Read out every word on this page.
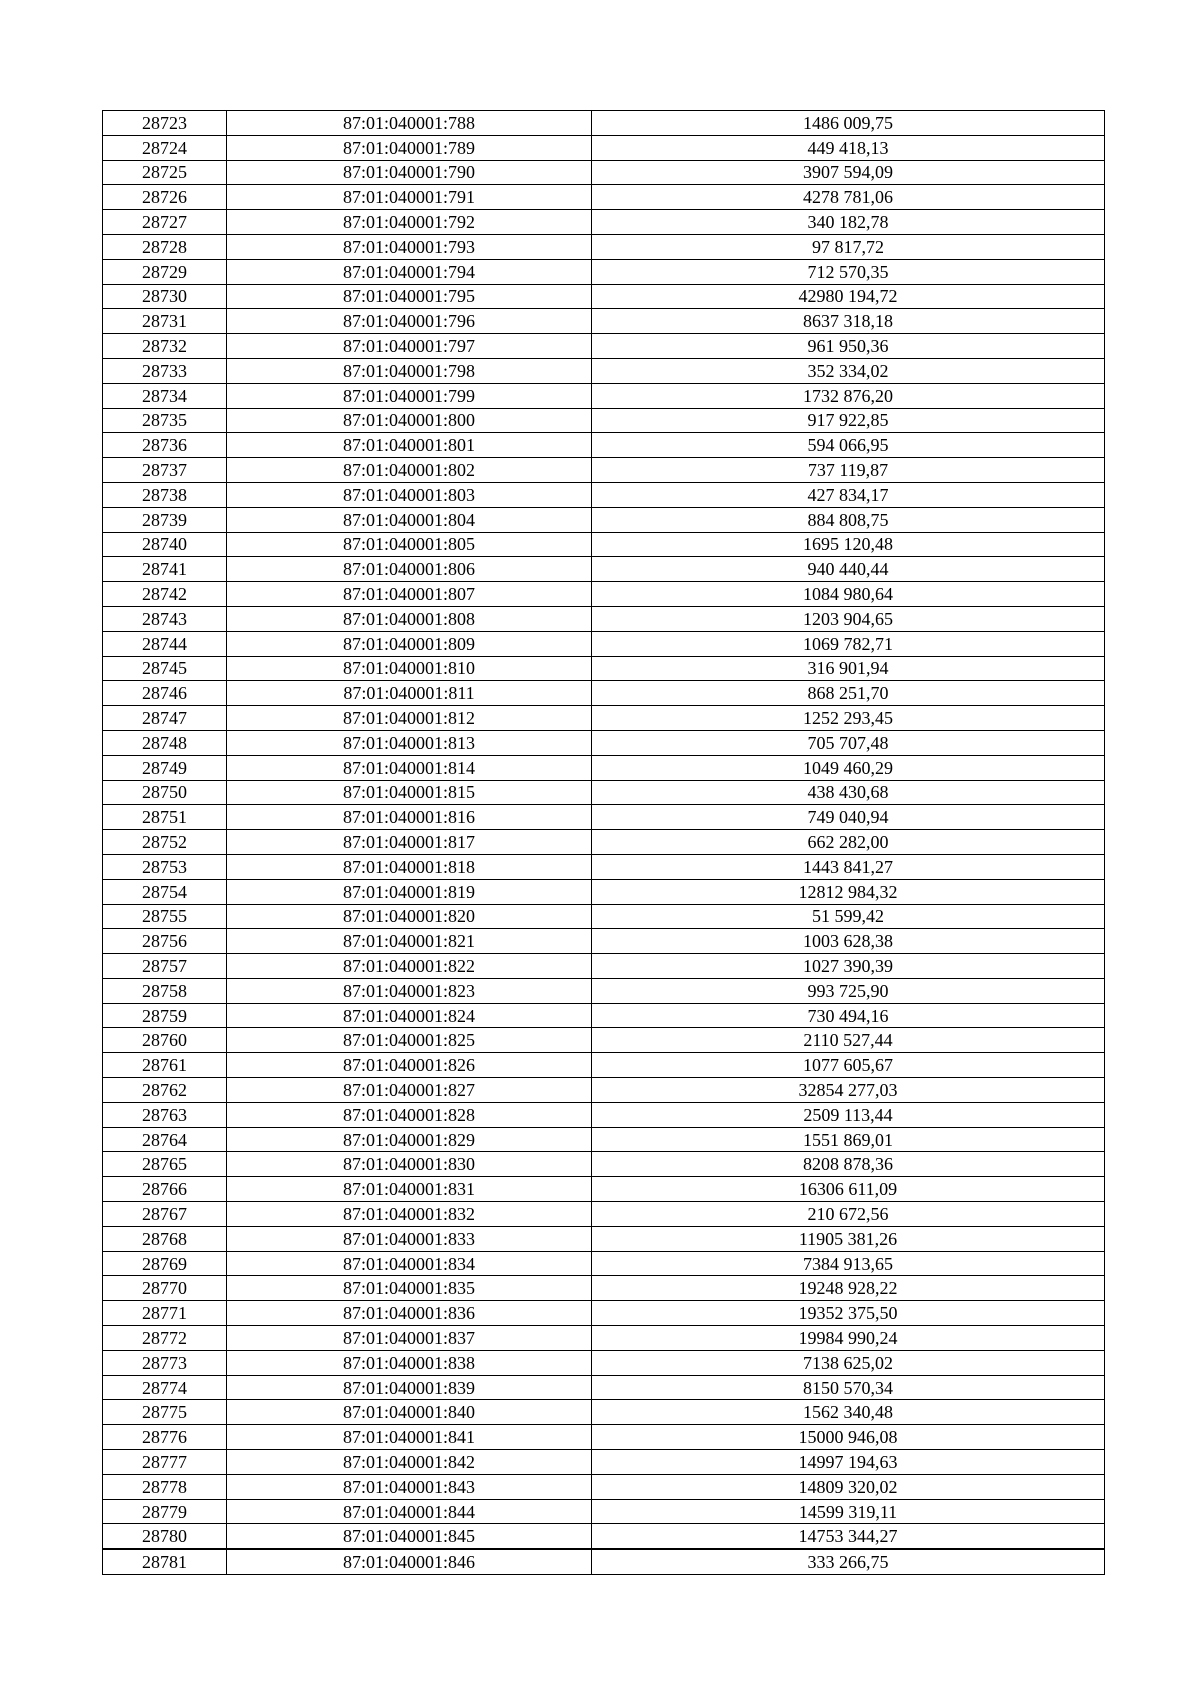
28723	87:01:040001:788	1486 009,75
28724	87:01:040001:789	449 418,13
28725	87:01:040001:790	3907 594,09
28726	87:01:040001:791	4278 781,06
28727	87:01:040001:792	340 182,78
28728	87:01:040001:793	97 817,72
28729	87:01:040001:794	712 570,35
28730	87:01:040001:795	42980 194,72
28731	87:01:040001:796	8637 318,18
28732	87:01:040001:797	961 950,36
28733	87:01:040001:798	352 334,02
28734	87:01:040001:799	1732 876,20
28735	87:01:040001:800	917 922,85
28736	87:01:040001:801	594 066,95
28737	87:01:040001:802	737 119,87
28738	87:01:040001:803	427 834,17
28739	87:01:040001:804	884 808,75
28740	87:01:040001:805	1695 120,48
28741	87:01:040001:806	940 440,44
28742	87:01:040001:807	1084 980,64
28743	87:01:040001:808	1203 904,65
28744	87:01:040001:809	1069 782,71
28745	87:01:040001:810	316 901,94
28746	87:01:040001:811	868 251,70
28747	87:01:040001:812	1252 293,45
28748	87:01:040001:813	705 707,48
28749	87:01:040001:814	1049 460,29
28750	87:01:040001:815	438 430,68
28751	87:01:040001:816	749 040,94
28752	87:01:040001:817	662 282,00
28753	87:01:040001:818	1443 841,27
28754	87:01:040001:819	12812 984,32
28755	87:01:040001:820	51 599,42
28756	87:01:040001:821	1003 628,38
28757	87:01:040001:822	1027 390,39
28758	87:01:040001:823	993 725,90
28759	87:01:040001:824	730 494,16
28760	87:01:040001:825	2110 527,44
28761	87:01:040001:826	1077 605,67
28762	87:01:040001:827	32854 277,03
28763	87:01:040001:828	2509 113,44
28764	87:01:040001:829	1551 869,01
28765	87:01:040001:830	8208 878,36
28766	87:01:040001:831	16306 611,09
28767	87:01:040001:832	210 672,56
28768	87:01:040001:833	11905 381,26
28769	87:01:040001:834	7384 913,65
28770	87:01:040001:835	19248 928,22
28771	87:01:040001:836	19352 375,50
28772	87:01:040001:837	19984 990,24
28773	87:01:040001:838	7138 625,02
28774	87:01:040001:839	8150 570,34
28775	87:01:040001:840	1562 340,48
28776	87:01:040001:841	15000 946,08
28777	87:01:040001:842	14997 194,63
28778	87:01:040001:843	14809 320,02
28779	87:01:040001:844	14599 319,11
28780	87:01:040001:845	14753 344,27
28781	87:01:040001:846	333 266,75
